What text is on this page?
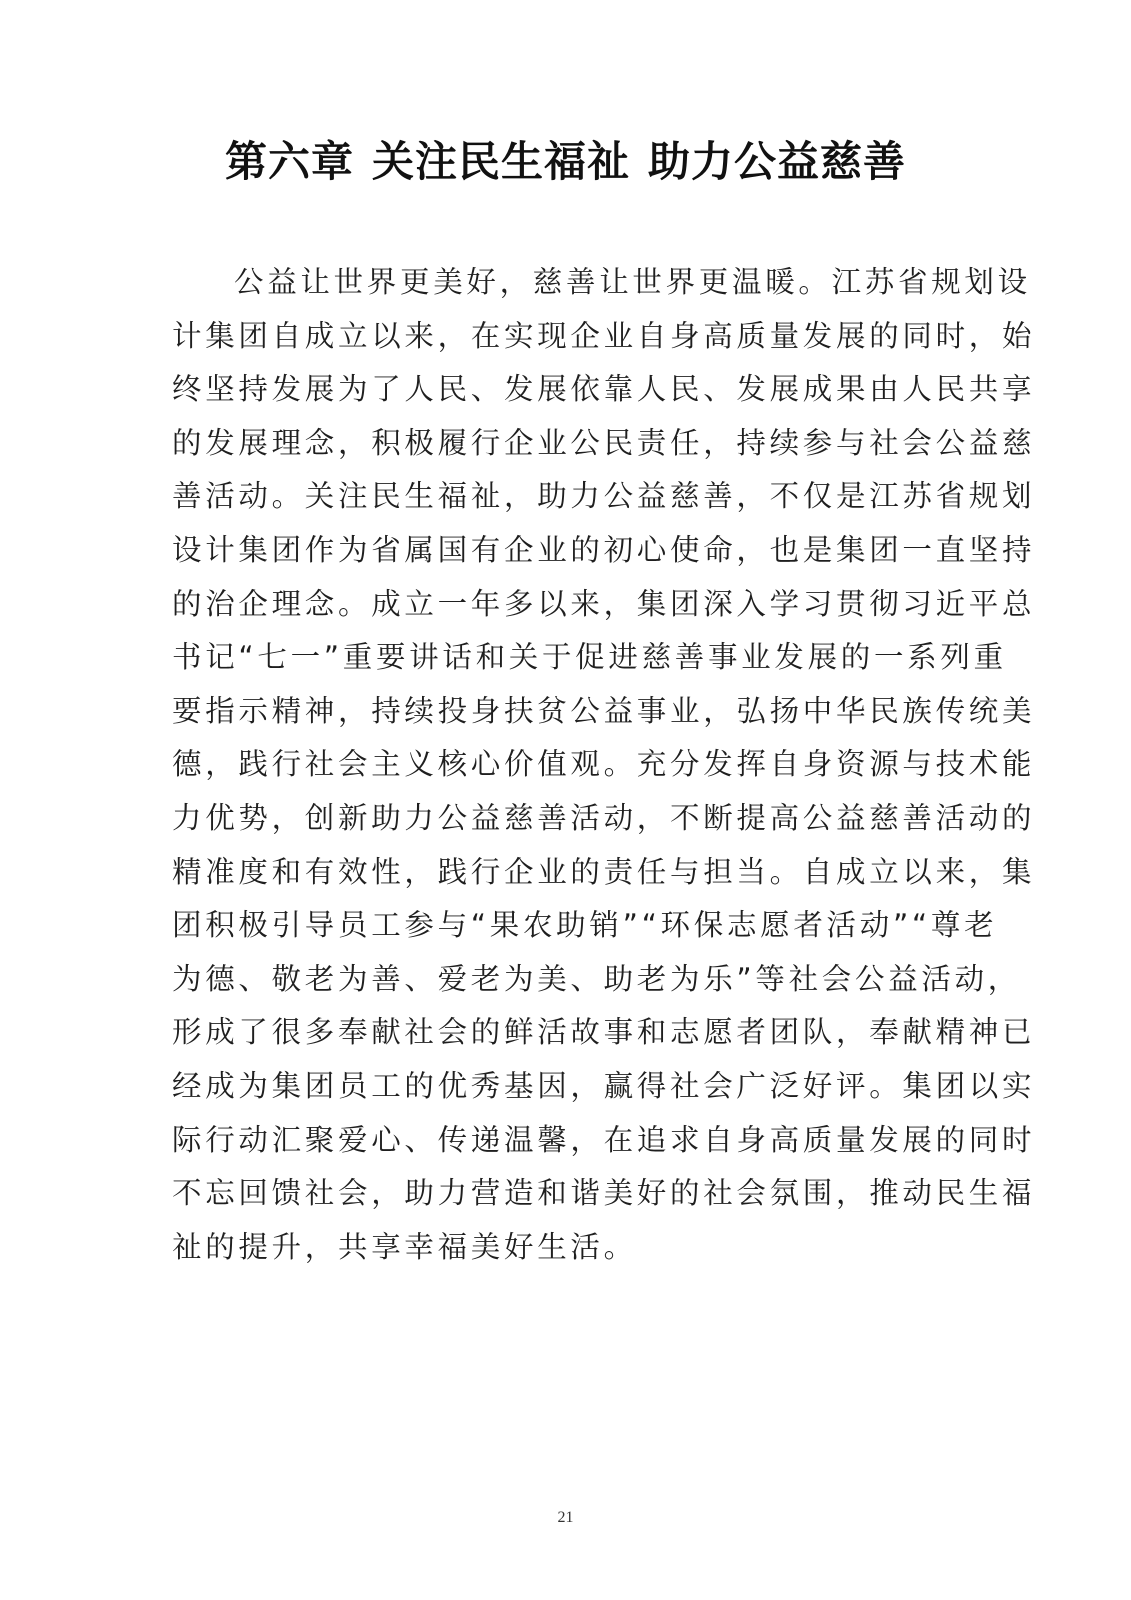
第六章 关注民生福祉 助力公益慈善

公益让世界更美好，慈善让世界更温暖。江苏省规划设
计集团自成立以来，在实现企业自身高质量发展的同时，始
终坚持发展为了人民、发展依靠人民、发展成果由人民共享
的发展理念，积极履行企业公民责任，持续参与社会公益慈
善活动。关注民生福祉，助力公益慈善，不仅是江苏省规划
设计集团作为省属国有企业的初心使命，也是集团一直坚持
的治企理念。成立一年多以来，集团深入学习贯彻习近平总
书记“七一”重要讲话和关于促进慈善事业发展的一系列重
要指示精神，持续投身扶贫公益事业，弘扬中华民族传统美
德，践行社会主义核心价值观。充分发挥自身资源与技术能
力优势，创新助力公益慈善活动，不断提高公益慈善活动的
精准度和有效性，践行企业的责任与担当。自成立以来，集
团积极引导员工参与“果农助销”“环保志愿者活动”“尊老
为德、敬老为善、爱老为美、助老为乐”等社会公益活动，
形成了很多奉献社会的鲜活故事和志愿者团队，奉献精神已
经成为集团员工的优秀基因，赢得社会广泛好评。集团以实
际行动汇聚爱心、传递温馨，在追求自身高质量发展的同时
不忘回馈社会，助力营造和谐美好的社会氛围，推动民生福
祉的提升，共享幸福美好生活。

21
